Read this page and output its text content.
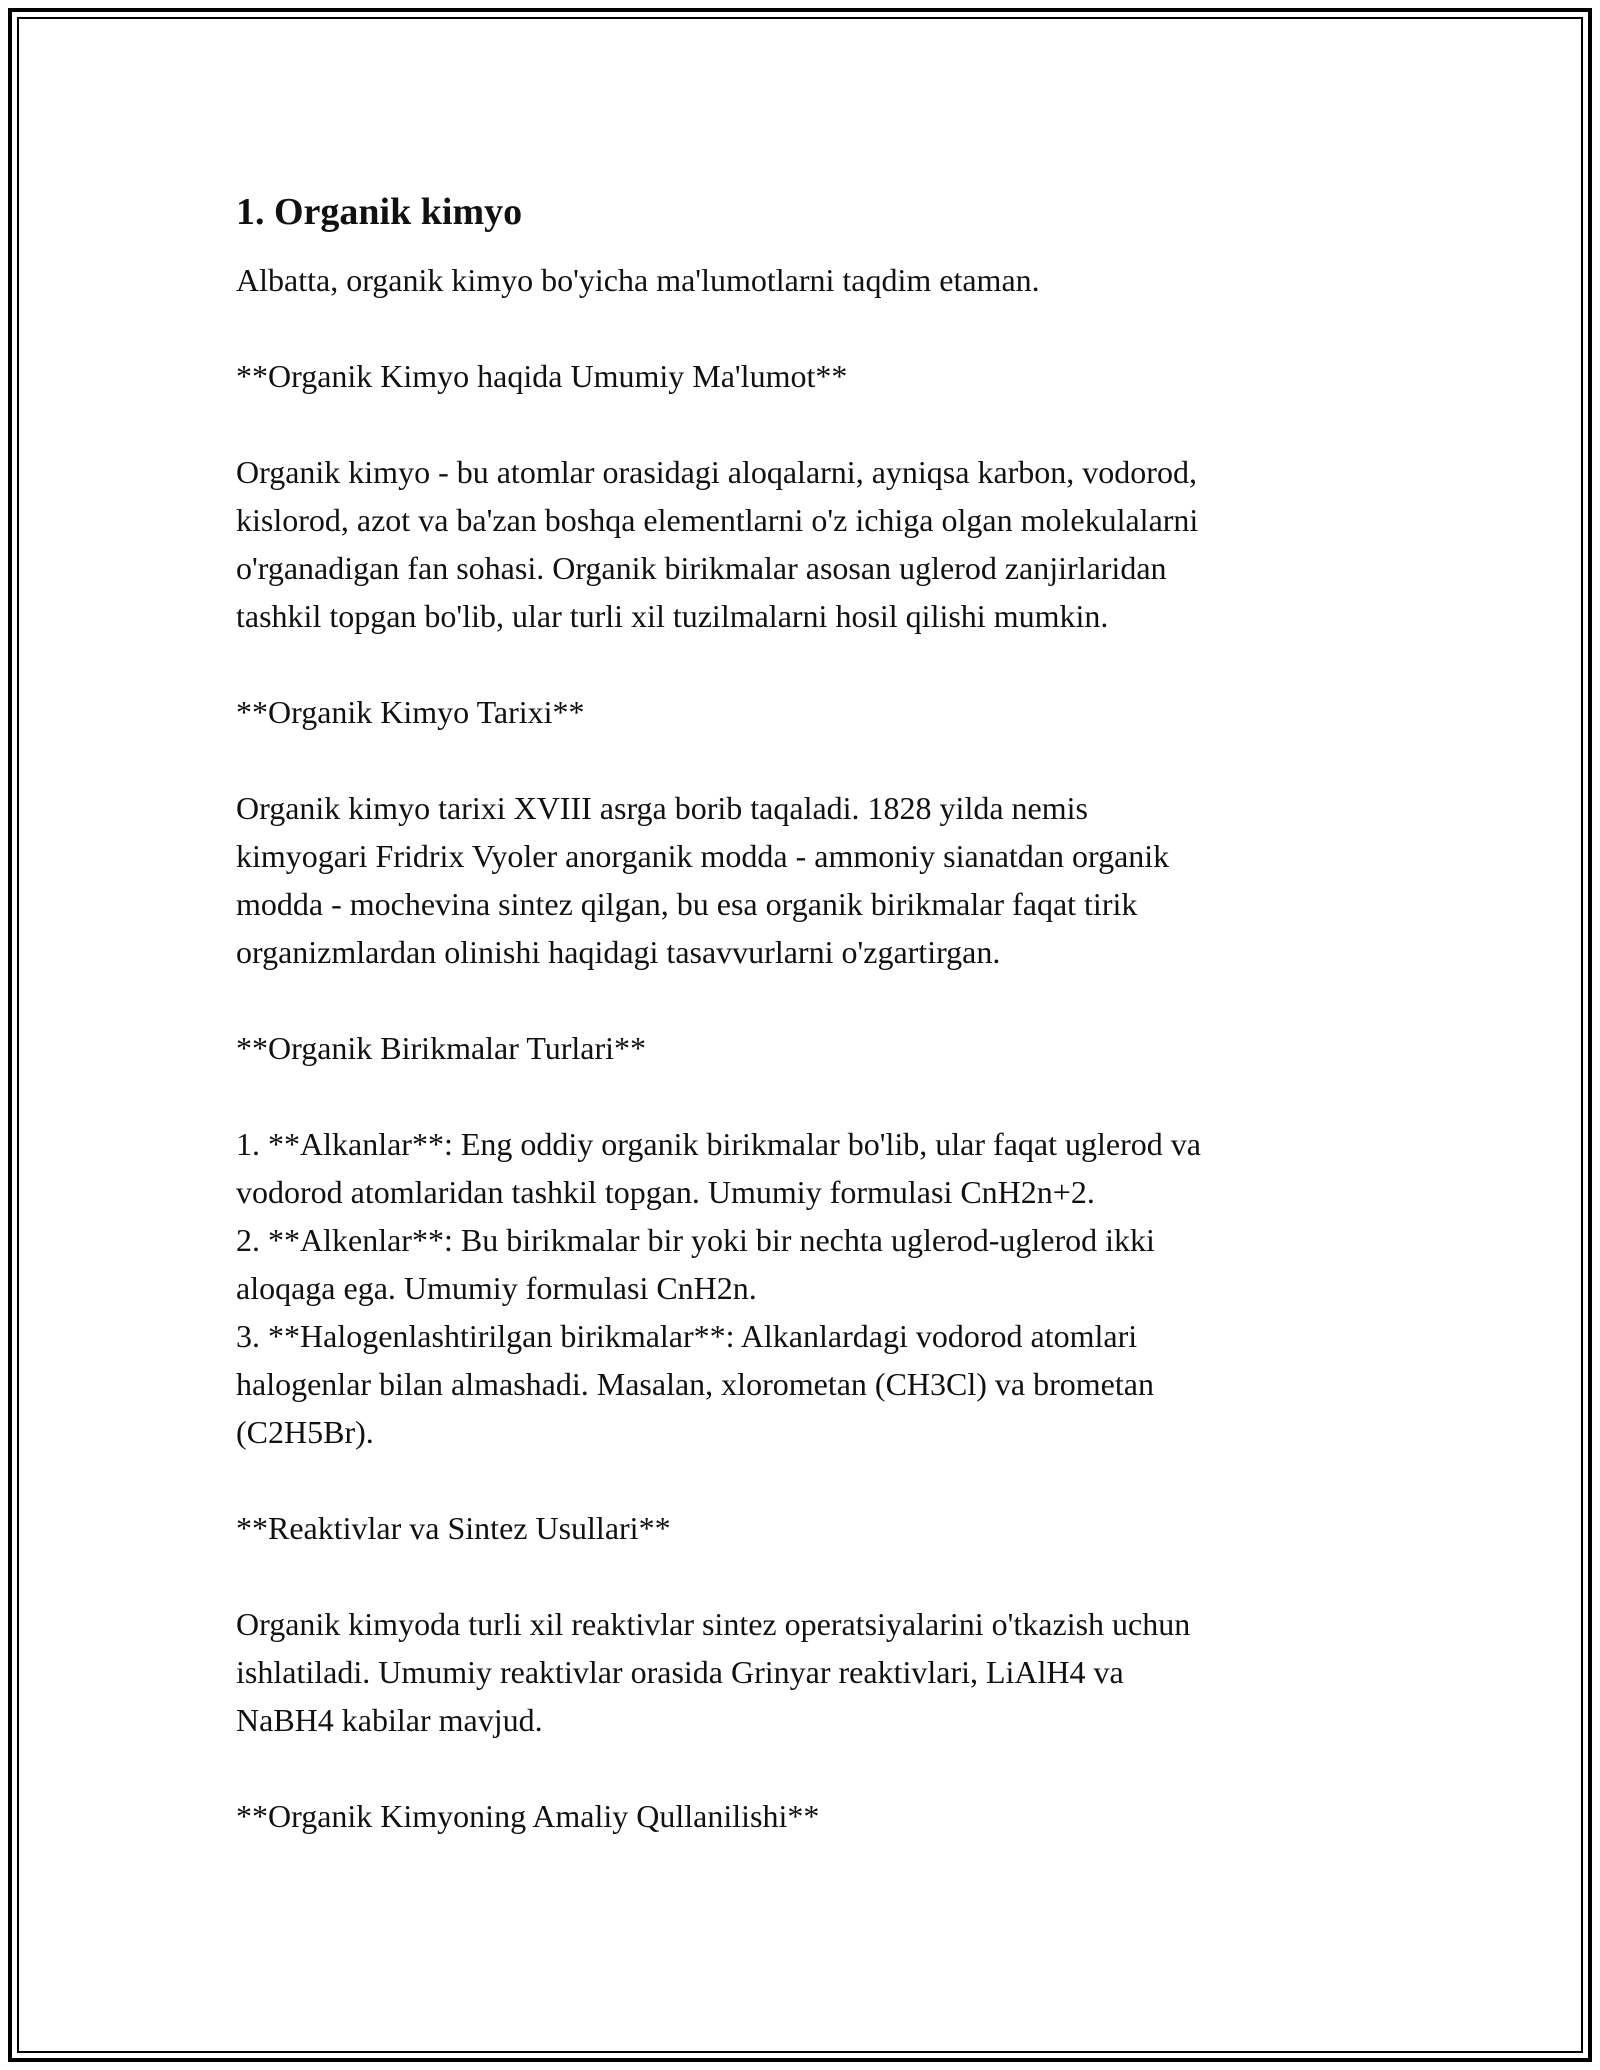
1. Organik kimyo

Albatta, organik kimyo bo'yicha ma'lumotlarni taqdim etaman.

**Organik Kimyo haqida Umumiy Ma'lumot**

Organik kimyo - bu atomlar orasidagi aloqalarni, ayniqsa karbon, vodorod,

kislorod, azot va ba'zan boshqa elementlarni o'z ichiga olgan molekulalarni

o'rganadigan fan sohasi. Organik birikmalar asosan uglerod zanjirlaridan

tashkil topgan bo'lib, ular turli xil tuzilmalarni hosil qilishi mumkin.

**Organik Kimyo Tarixi**

Organik kimyo tarixi XVIII asrga borib taqaladi. 1828 yilda nemis

kimyogari Fridrix Vyoler anorganik modda - ammoniy sianatdan organik

modda - mochevina sintez qilgan, bu esa organik birikmalar faqat tirik

organizmlardan olinishi haqidagi tasavvurlarni o'zgartirgan.

**Organik Birikmalar Turlari**

1. **Alkanlar**: Eng oddiy organik birikmalar bo'lib, ular faqat uglerod va

vodorod atomlaridan tashkil topgan. Umumiy formulasi CnH2n+2.

2. **Alkenlar**: Bu birikmalar bir yoki bir nechta uglerod-uglerod ikki

aloqaga ega. Umumiy formulasi CnH2n.

3. **Halogenlashtirilgan birikmalar**: Alkanlardagi vodorod atomlari

halogenlar bilan almashadi. Masalan, xlorometan (CH3Cl) va brometan

(C2H5Br).

**Reaktivlar va Sintez Usullari**

Organik kimyoda turli xil reaktivlar sintez operatsiyalarini o'tkazish uchun

ishlatiladi. Umumiy reaktivlar orasida Grinyar reaktivlari, LiAlH4 va

NaBH4 kabilar mavjud.

**Organik Kimyoning Amaliy Qullanilishi**
